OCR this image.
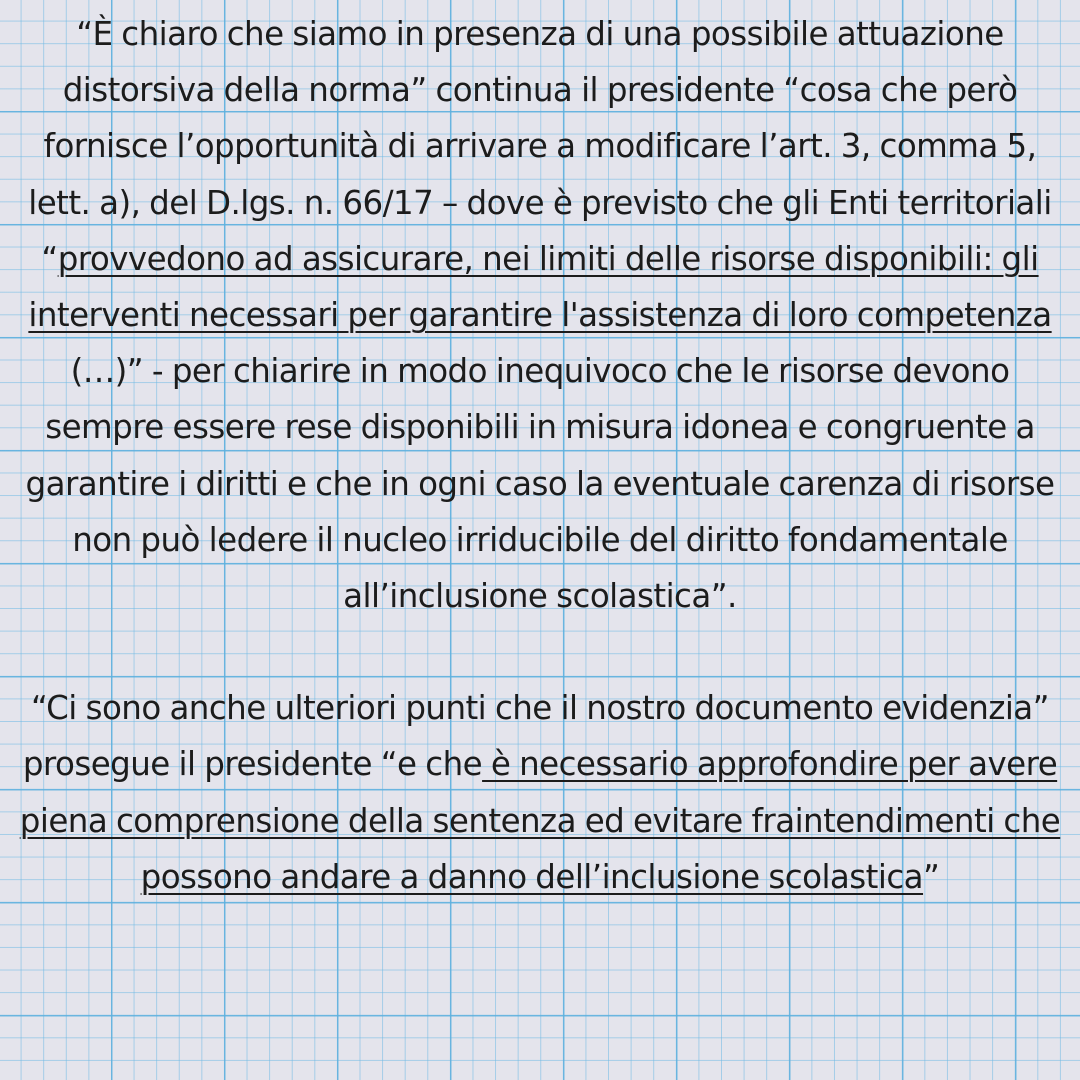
“È chiaro che siamo in presenza di una possibile attuazione distorsiva della norma” continua il presidente “cosa che però fornisce l’opportunità di arrivare a modificare l’art. 3, comma 5, lett. a), del D.lgs. n. 66/17 – dove è previsto che gli Enti territoriali “provvedono ad assicurare, nei limiti delle risorse disponibili: gli interventi necessari per garantire l'assistenza di loro competenza (…)” - per chiarire in modo inequivoco che le risorse devono sempre essere rese disponibili in misura idonea e congruente a garantire i diritti e che in ogni caso la eventuale carenza di risorse non può ledere il nucleo irriducibile del diritto fondamentale all’inclusione scolastica”.

“Ci sono anche ulteriori punti che il nostro documento evidenzia” prosegue il presidente “e che è necessario approfondire per avere piena comprensione della sentenza ed evitare fraintendimenti che possono andare a danno dell’inclusione scolastica”
